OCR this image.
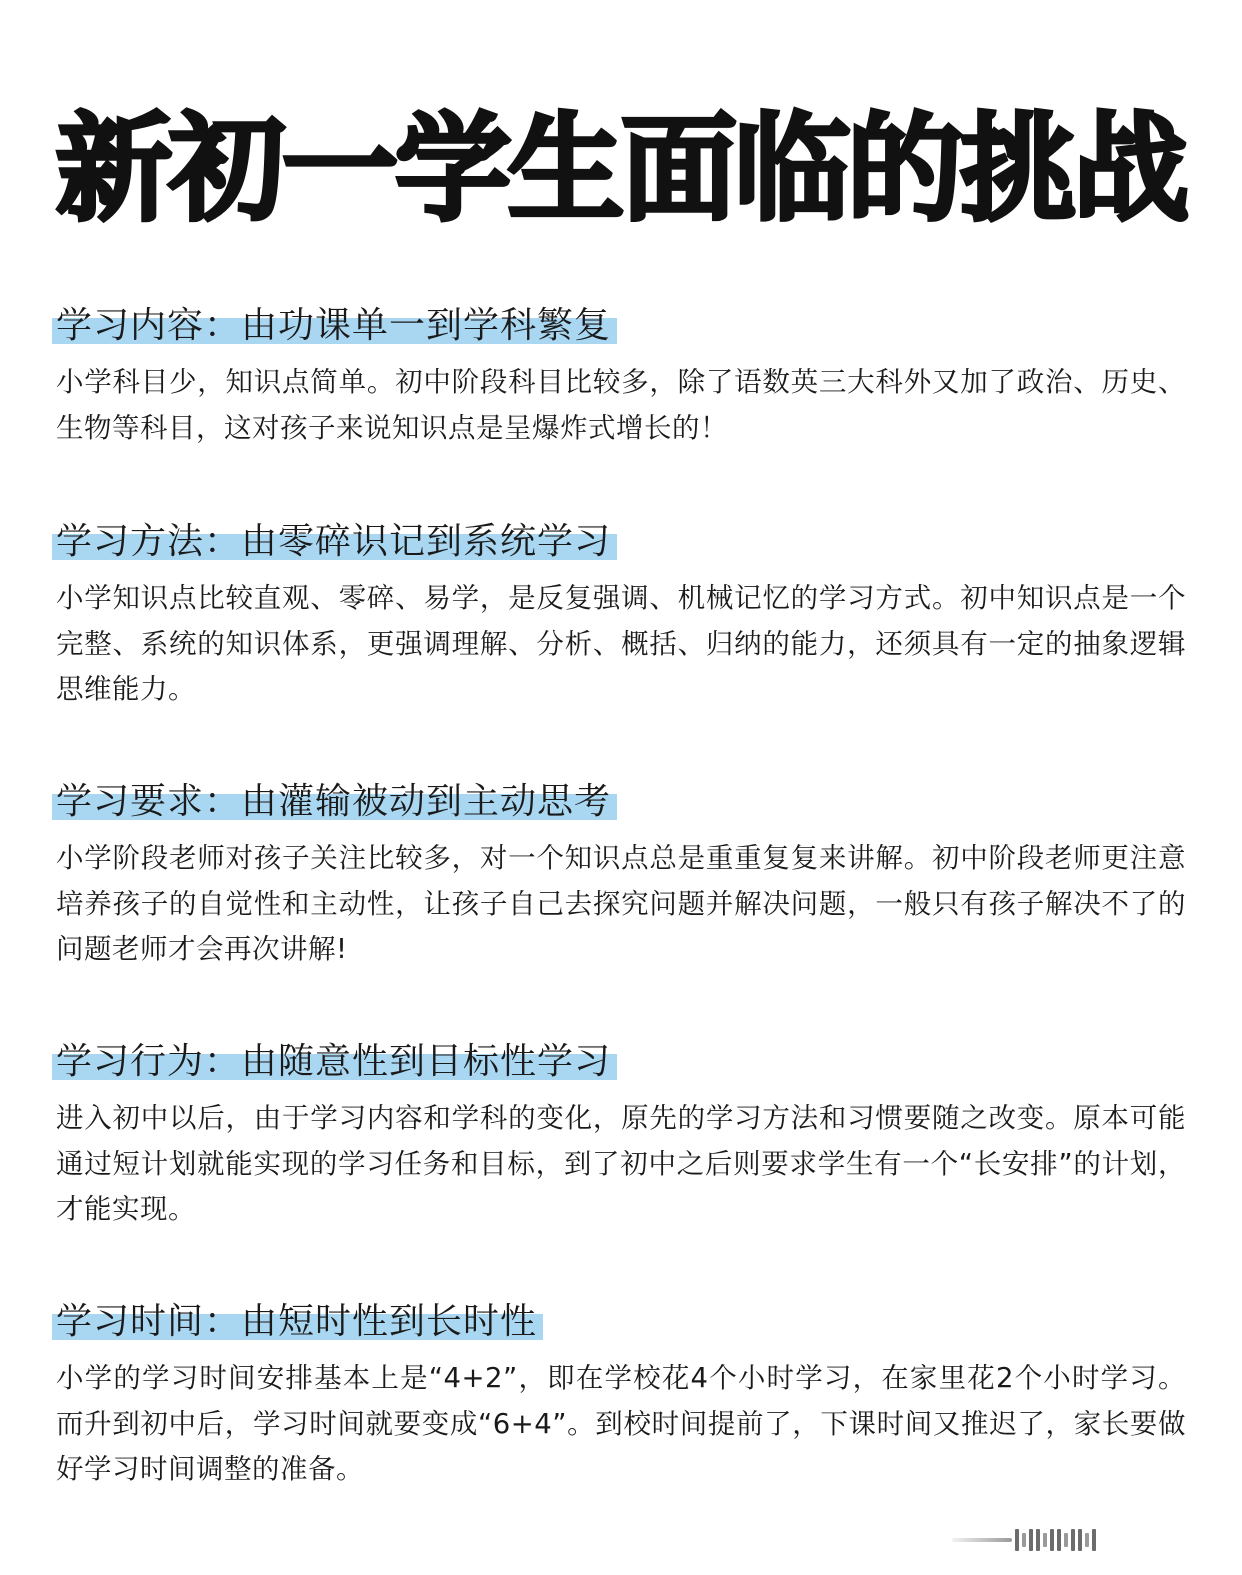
新初一学生面临的挑战
学习内容：由功课单一到学科繁复

小学科目少，知识点简单。初中阶段科目比较多，除了语数英三大科外又加了政治、历史、生物等科目，这对孩子来说知识点是呈爆炸式增长的！

学习方法：由零碎识记到系统学习

小学知识点比较直观、零碎、易学，是反复强调、机械记忆的学习方式。初中知识点是一个完整、系统的知识体系，更强调理解、分析、概括、归纳的能力，还须具有一定的抽象逻辑思维能力。

学习要求：由灌输被动到主动思考

小学阶段老师对孩子关注比较多，对一个知识点总是重重复复来讲解。初中阶段老师更注意培养孩子的自觉性和主动性，让孩子自己去探究问题并解决问题，一般只有孩子解决不了的问题老师才会再次讲解!

学习行为：由随意性到目标性学习

进入初中以后，由于学习内容和学科的变化，原先的学习方法和习惯要随之改变。原本可能通过短计划就能实现的学习任务和目标，到了初中之后则要求学生有一个“长安排”的计划，才能实现。

学习时间：由短时性到长时性

小学的学习时间安排基本上是“4+2”，即在学校花4个小时学习，在家里花2个小时学习。而升到初中后，学习时间就要变成“6+4”。到校时间提前了，下课时间又推迟了，家长要做好学习时间调整的准备。
